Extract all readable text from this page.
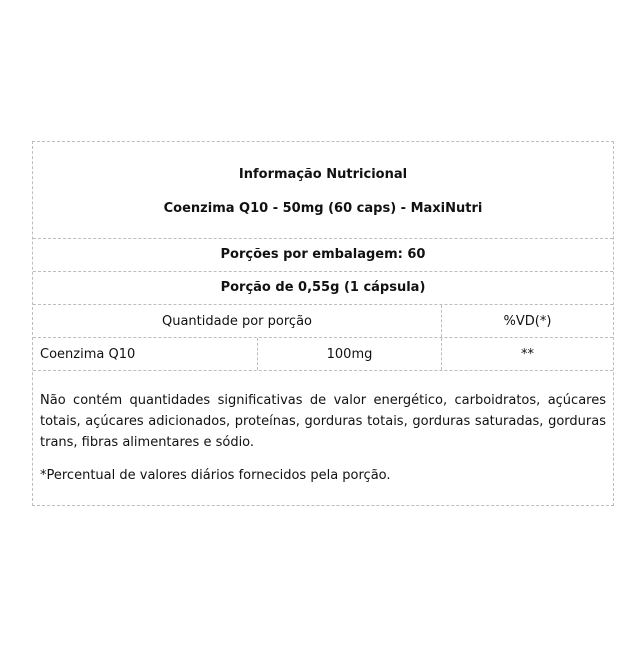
Informação Nutricional
Coenzima Q10 - 50mg (60 caps) - MaxiNutri
Porções por embalagem: 60
Porção de 0,55g (1 cápsula)
Quantidade por porção	%VD(*)
Coenzima Q10	100mg	**
Não contém quantidades significativas de valor energético, carboidratos, açúcares totais, açúcares adicionados, proteínas, gorduras totais, gorduras saturadas, gorduras trans, fibras alimentares e sódio.
*Percentual de valores diários fornecidos pela porção.
